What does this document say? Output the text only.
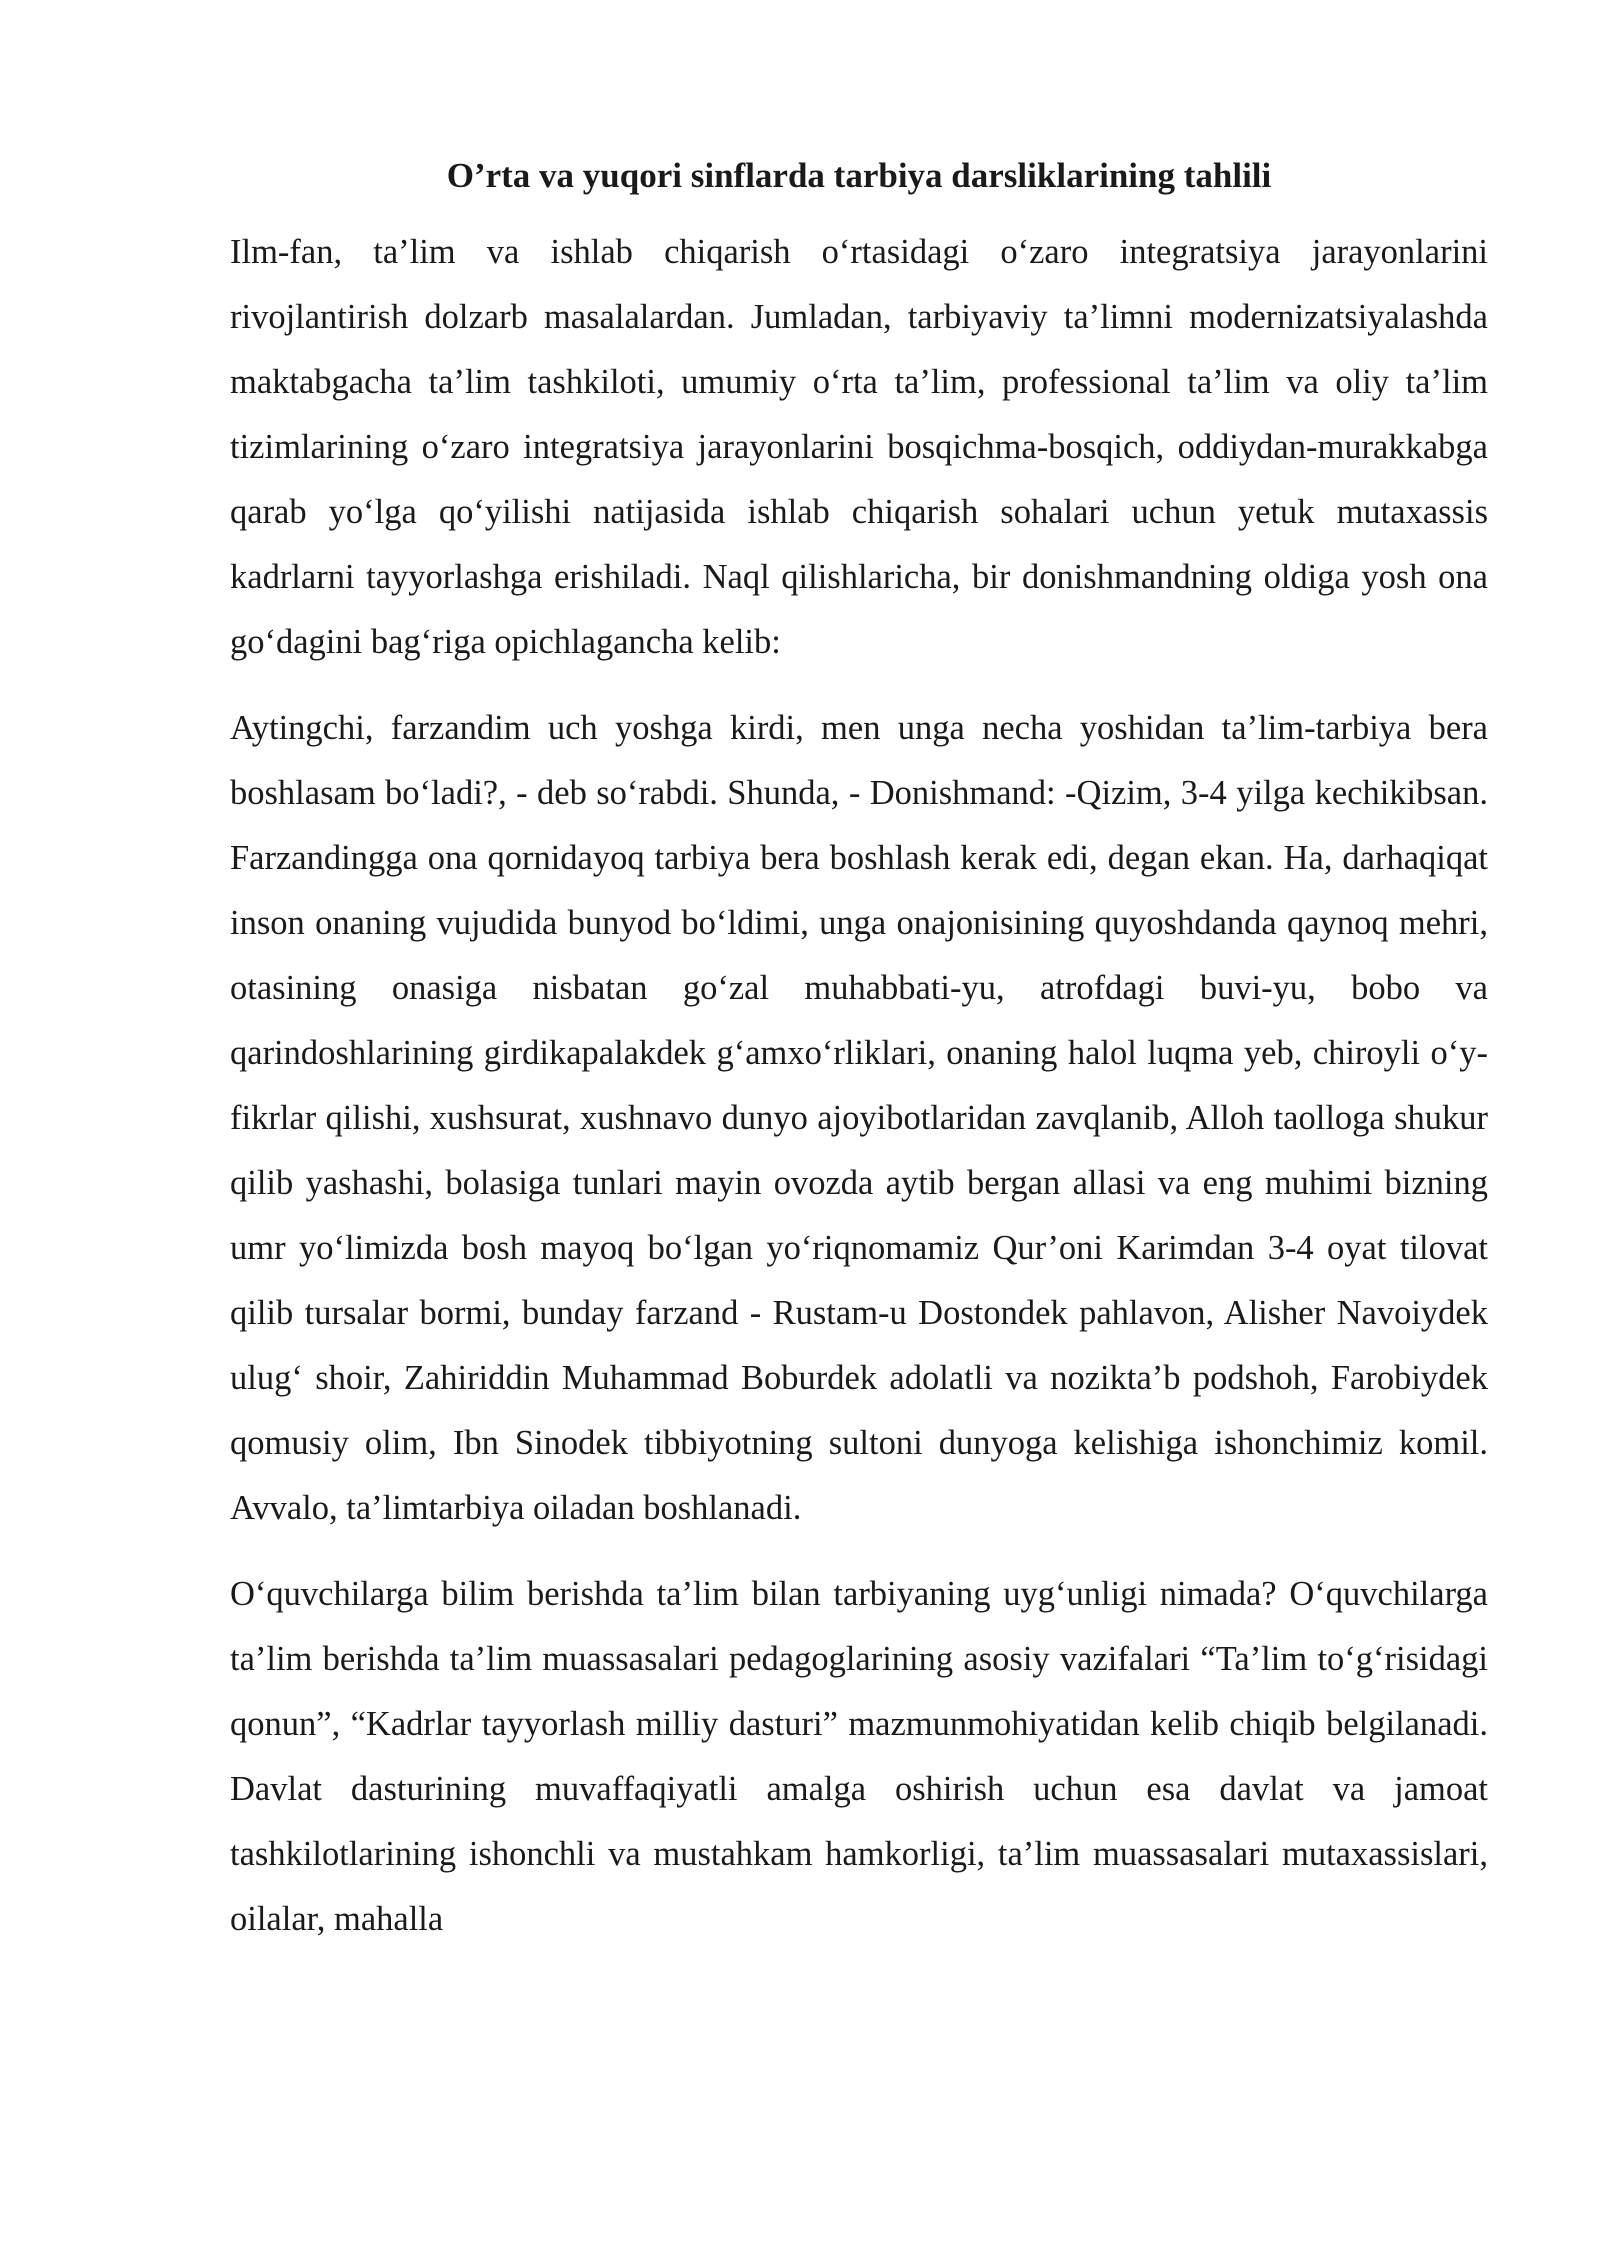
O’rta va yuqori sinflarda tarbiya darsliklarining tahlili

Ilm-fan, ta’lim va ishlab chiqarish o‘rtasidagi o‘zaro integratsiya jarayonlarini rivojlantirish dolzarb masalalardan. Jumladan, tarbiyaviy ta’limni modernizatsiyalashda maktabgacha ta’lim tashkiloti, umumiy o‘rta ta’lim, professional ta’lim va oliy ta’lim tizimlarining o‘zaro integratsiya jarayonlarini bosqichma-bosqich, oddiydan-murakkabga qarab yo‘lga qo‘yilishi natijasida ishlab chiqarish sohalari uchun yetuk mutaxassis kadrlarni tayyorlashga erishiladi. Naql qilishlaricha, bir donishmandning oldiga yosh ona go‘dagini bag‘riga opichlagancha kelib:

Aytingchi, farzandim uch yoshga kirdi, men unga necha yoshidan ta’lim-tarbiya bera boshlasam bo‘ladi?, - deb so‘rabdi. Shunda, - Donishmand: -Qizim, 3-4 yilga kechikibsan. Farzandingga ona qornidayoq tarbiya bera boshlash kerak edi, degan ekan. Ha, darhaqiqat inson onaning vujudida bunyod bo‘ldimi, unga onajonisining quyoshdanda qaynoq mehri, otasining onasiga nisbatan go‘zal muhabbati-yu, atrofdagi buvi-yu, bobo va qarindoshlarining girdikapalakdek g‘amxo‘rliklari, onaning halol luqma yeb, chiroyli o‘y-fikrlar qilishi, xushsurat, xushnavo dunyo ajoyibotlaridan zavqlanib, Alloh taolloga shukur qilib yashashi, bolasiga tunlari mayin ovozda aytib bergan allasi va eng muhimi bizning umr yo‘limizda bosh mayoq bo‘lgan yo‘riqnomamiz Qur’oni Karimdan 3-4 oyat tilovat qilib tursalar bormi, bunday farzand - Rustam-u Dostondek pahlavon, Alisher Navoiydek ulug‘ shoir, Zahiriddin Muhammad Boburdek adolatli va nozikta’b podshoh, Farobiydek qomusiy olim, Ibn Sinodek tibbiyotning sultoni dunyoga kelishiga ishonchimiz komil. Avvalo, ta’limtarbiya oiladan boshlanadi.

O‘quvchilarga bilim berishda ta’lim bilan tarbiyaning uyg‘unligi nimada? O‘quvchilarga ta’lim berishda ta’lim muassasalari pedagoglarining asosiy vazifalari “Ta’lim to‘g‘risidagi qonun”, “Kadrlar tayyorlash milliy dasturi” mazmunmohiyatidan kelib chiqib belgilanadi. Davlat dasturining muvaffaqiyatli amalga oshirish uchun esa davlat va jamoat tashkilotlarining ishonchli va mustahkam hamkorligi, ta’lim muassasalari mutaxassislari, oilalar, mahalla
